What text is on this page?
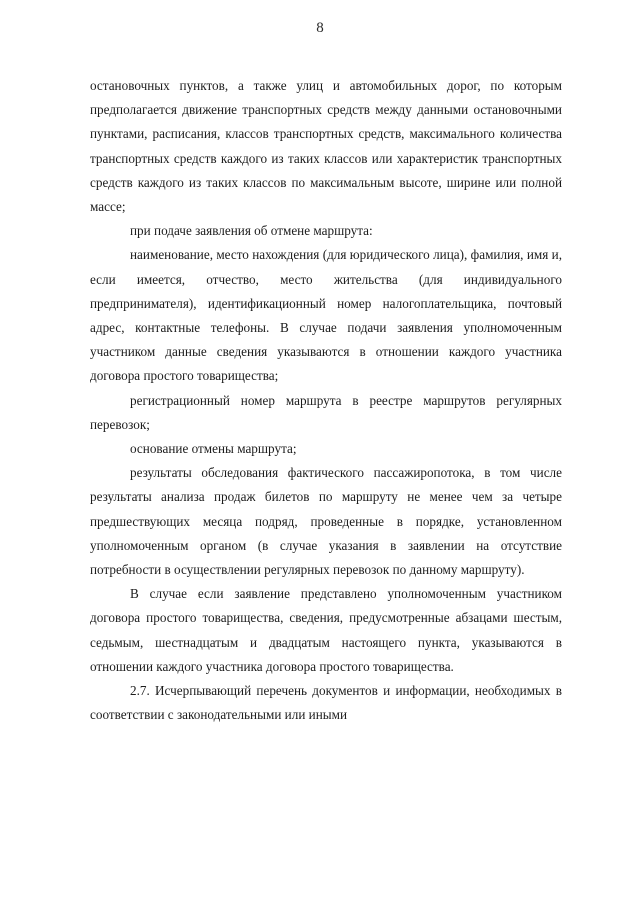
8

остановочных пунктов, а также улиц и автомобильных дорог, по которым предполагается движение транспортных средств между данными остановочными пунктами, расписания, классов транспортных средств, максимального количества транспортных средств каждого из таких классов или характеристик транспортных средств каждого из таких классов по максимальным высоте, ширине или полной массе;

при подаче заявления об отмене маршрута:

наименование, место нахождения (для юридического лица), фамилия, имя и, если имеется, отчество, место жительства (для индивидуального предпринимателя), идентификационный номер налогоплательщика, почтовый адрес, контактные телефоны. В случае подачи заявления уполномоченным участником данные сведения указываются в отношении каждого участника договора простого товарищества;

регистрационный номер маршрута в реестре маршрутов регулярных перевозок;

основание отмены маршрута;

результаты обследования фактического пассажиропотока, в том числе результаты анализа продаж билетов по маршруту не менее чем за четыре предшествующих месяца подряд, проведенные в порядке, установленном уполномоченным органом (в случае указания в заявлении на отсутствие потребности в осуществлении регулярных перевозок по данному маршруту).

В случае если заявление представлено уполномоченным участником договора простого товарищества, сведения, предусмотренные абзацами шестым, седьмым, шестнадцатым и двадцатым настоящего пункта, указываются в отношении каждого участника договора простого товарищества.

2.7. Исчерпывающий перечень документов и информации, необходимых в соответствии с законодательными или иными
